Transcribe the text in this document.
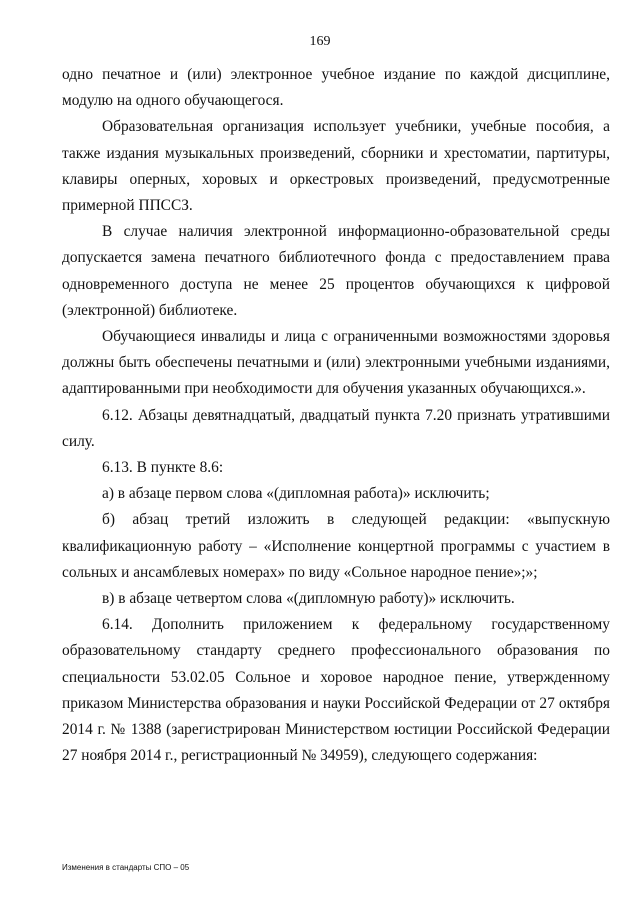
169

одно печатное и (или) электронное учебное издание по каждой дисциплине, модулю на одного обучающегося.

Образовательная организация использует учебники, учебные пособия, а также издания музыкальных произведений, сборники и хрестоматии, партитуры, клавиры оперных, хоровых и оркестровых произведений, предусмотренные примерной ППССЗ.

В случае наличия электронной информационно-образовательной среды допускается замена печатного библиотечного фонда с предоставлением права одновременного доступа не менее 25 процентов обучающихся к цифровой (электронной) библиотеке.

Обучающиеся инвалиды и лица с ограниченными возможностями здоровья должны быть обеспечены печатными и (или) электронными учебными изданиями, адаптированными при необходимости для обучения указанных обучающихся.».

6.12. Абзацы девятнадцатый, двадцатый пункта 7.20 признать утратившими силу.

6.13. В пункте 8.6:

а) в абзаце первом слова «(дипломная работа)» исключить;

б) абзац третий изложить в следующей редакции: «выпускную квалификационную работу – «Исполнение концертной программы с участием в сольных и ансамблевых номерах» по виду «Сольное народное пение»;»;

в) в абзаце четвертом слова «(дипломную работу)» исключить.

6.14. Дополнить приложением к федеральному государственному образовательному стандарту среднего профессионального образования по специальности 53.02.05 Сольное и хоровое народное пение, утвержденному приказом Министерства образования и науки Российской Федерации от 27 октября 2014 г. № 1388 (зарегистрирован Министерством юстиции Российской Федерации 27 ноября 2014 г., регистрационный № 34959), следующего содержания:

Изменения в стандарты СПО – 05
